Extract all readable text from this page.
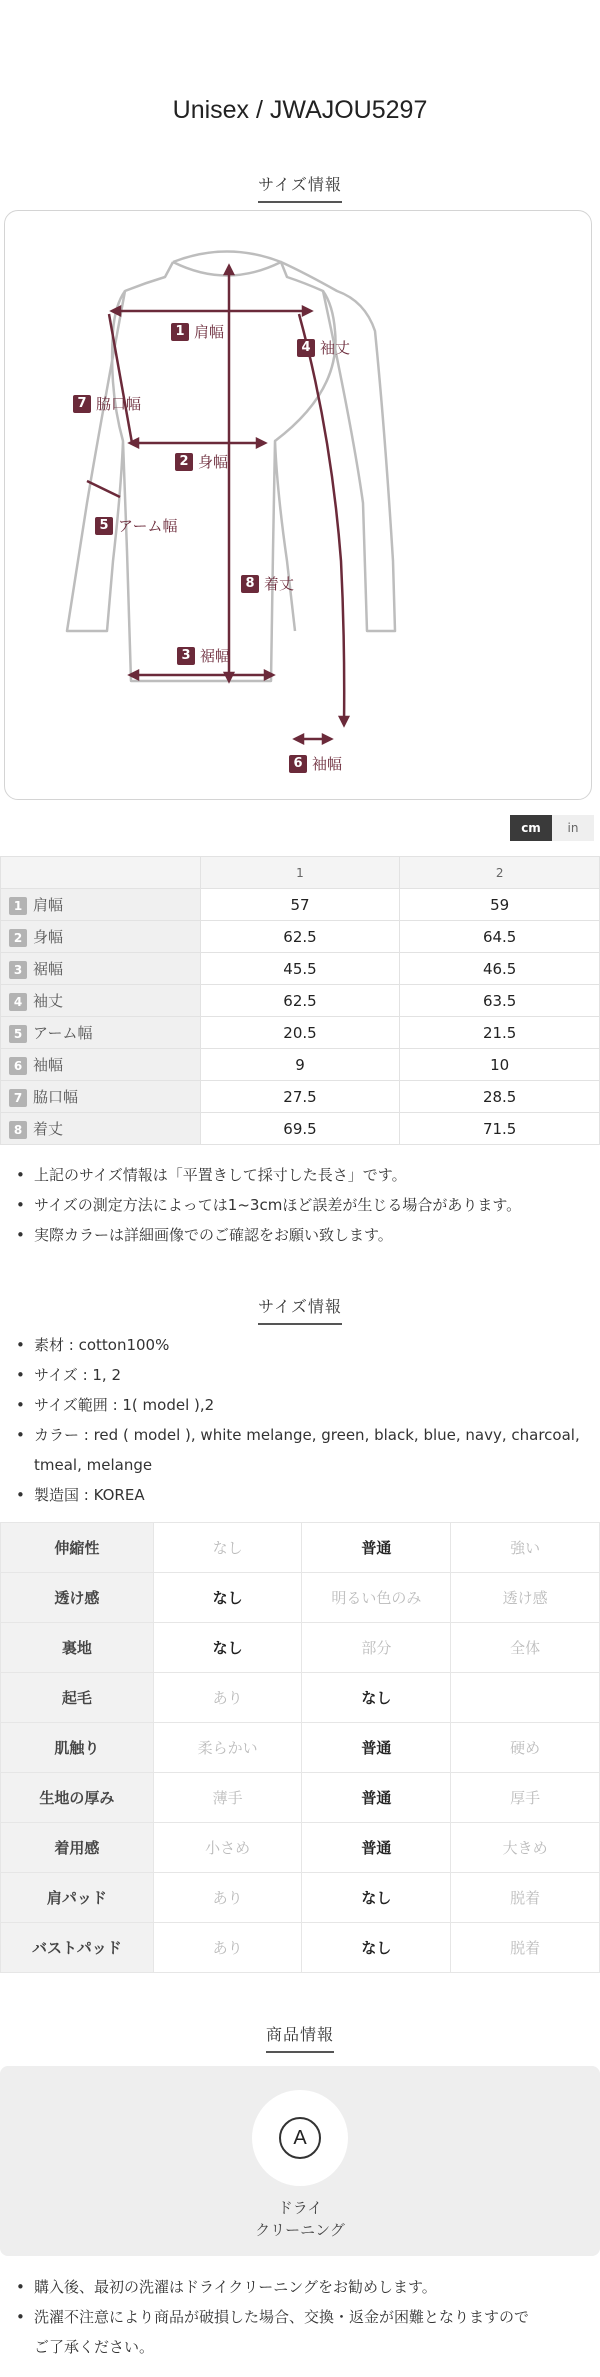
Unisex / JWAJOU5297
サイズ情報
1 肩幅
2 身幅
3 裾幅
4 袖丈
5 アーム幅
6 袖幅
7 脇口幅
8 着丈
cm	in
	1	2
1 肩幅	57	59
2 身幅	62.5	64.5
3 裾幅	45.5	46.5
4 袖丈	62.5	63.5
5 アーム幅	20.5	21.5
6 袖幅	9	10
7 脇口幅	27.5	28.5
8 着丈	69.5	71.5
• 上記のサイズ情報は「平置きして採寸した長さ」です。
• サイズの測定方法によっては1~3cmほど誤差が生じる場合があります。
• 実際カラーは詳細画像でのご確認をお願い致します。
サイズ情報
• 素材 : cotton100%
• サイズ : 1, 2
• サイズ範囲 : 1( model ),2
• カラー : red ( model ), white melange, green, black, blue, navy, charcoal, tmeal, melange
• 製造国 : KOREA
伸縮性	なし	普通	強い
透け感	なし	明るい色のみ	透け感
裏地	なし	部分	全体
起毛	あり	なし	
肌触り	柔らかい	普通	硬め
生地の厚み	薄手	普通	厚手
着用感	小さめ	普通	大きめ
肩パッド	あり	なし	脱着
バストパッド	あり	なし	脱着
商品情報
A
ドライ
クリーニング
• 購入後、最初の洗濯はドライクリーニングをお勧めします。
• 洗濯不注意により商品が破損した場合、交換・返金が困難となりますので
ご了承ください。
